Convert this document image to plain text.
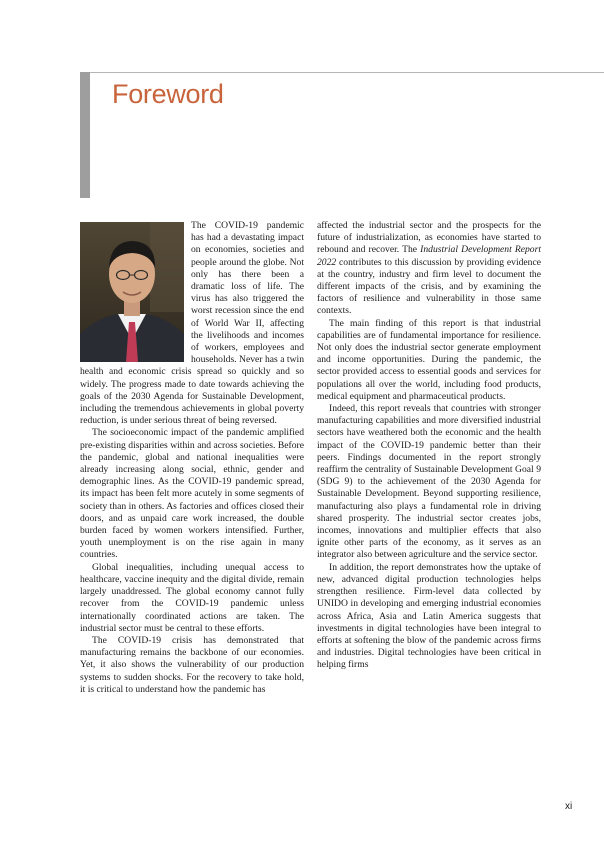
Foreword

The COVID-19 pandemic has had a devastating impact on economies, societies and people around the globe. Not only has there been a dramatic loss of life. The virus has also triggered the worst recession since the end of World War II, affecting the livelihoods and incomes of workers, employees and households. Never has a twin health and economic crisis spread so quickly and so widely. The progress made to date towards achieving the goals of the 2030 Agenda for Sustainable Development, including the tremendous achievements in global poverty reduction, is under serious threat of being reversed.

The socioeconomic impact of the pandemic amplified pre-existing disparities within and across societies. Before the pandemic, global and national inequalities were already increasing along social, ethnic, gender and demographic lines. As the COVID-19 pandemic spread, its impact has been felt more acutely in some segments of society than in others. As factories and offices closed their doors, and as unpaid care work increased, the double burden faced by women workers intensified. Further, youth unemployment is on the rise again in many countries.

Global inequalities, including unequal access to healthcare, vaccine inequity and the digital divide, remain largely unaddressed. The global economy cannot fully recover from the COVID-19 pandemic unless internationally coordinated actions are taken. The industrial sector must be central to these efforts.

The COVID-19 crisis has demonstrated that manufacturing remains the backbone of our economies. Yet, it also shows the vulnerability of our production systems to sudden shocks. For the recovery to take hold, it is critical to understand how the pandemic has

affected the industrial sector and the prospects for the future of industrialization, as economies have started to rebound and recover. The Industrial Development Report 2022 contributes to this discussion by providing evidence at the country, industry and firm level to document the different impacts of the crisis, and by examining the factors of resilience and vulnerability in those same contexts.

The main finding of this report is that industrial capabilities are of fundamental importance for resilience. Not only does the industrial sector generate employment and income opportunities. During the pandemic, the sector provided access to essential goods and services for populations all over the world, including food products, medical equipment and pharmaceutical products.

Indeed, this report reveals that countries with stronger manufacturing capabilities and more diversified industrial sectors have weathered both the economic and the health impact of the COVID-19 pandemic better than their peers. Findings documented in the report strongly reaffirm the centrality of Sustainable Development Goal 9 (SDG 9) to the achievement of the 2030 Agenda for Sustainable Development. Beyond supporting resilience, manufacturing also plays a fundamental role in driving shared prosperity. The industrial sector creates jobs, incomes, innovations and multiplier effects that also ignite other parts of the economy, as it serves as an integrator also between agriculture and the service sector.

In addition, the report demonstrates how the uptake of new, advanced digital production technologies helps strengthen resilience. Firm-level data collected by UNIDO in developing and emerging industrial economies across Africa, Asia and Latin America suggests that investments in digital technologies have been integral to efforts at softening the blow of the pandemic across firms and industries. Digital technologies have been critical in helping firms

xi
